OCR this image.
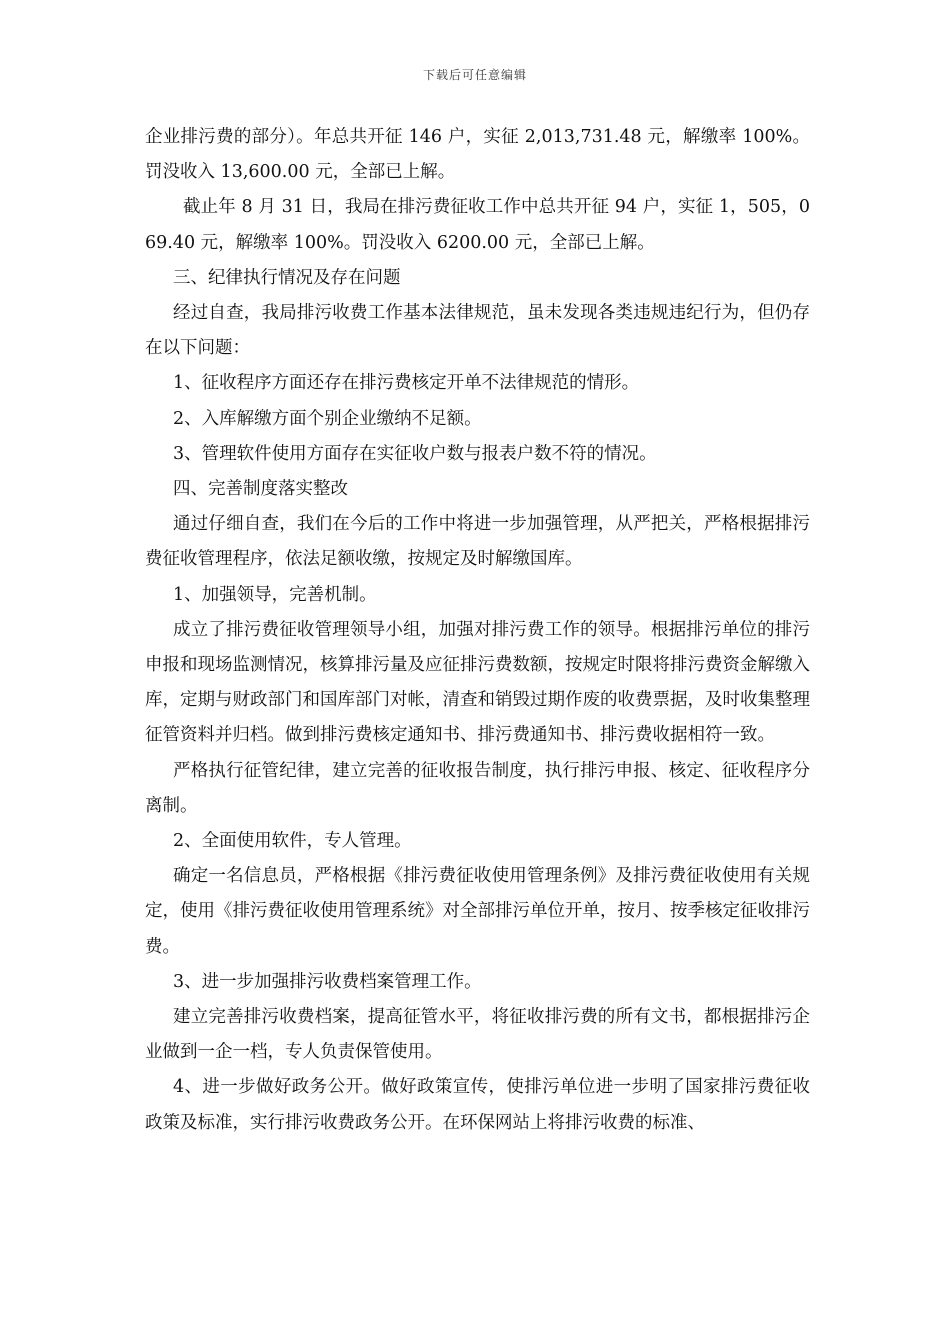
下载后可任意编辑

企业排污费的部分）。年总共开征 146 户，实征 2,013,731.48 元，解缴率 100%。罚没收入 13,600.00 元，全部已上解。

截止年 8 月 31 日，我局在排污费征收工作中总共开征 94 户，实征 1，505，069.40 元，解缴率 100%。罚没收入 6200.00 元，全部已上解。

三、纪律执行情况及存在问题

经过自查，我局排污收费工作基本法律规范，虽未发现各类违规违纪行为，但仍存在以下问题：

1、征收程序方面还存在排污费核定开单不法律规范的情形。

2、入库解缴方面个别企业缴纳不足额。

3、管理软件使用方面存在实征收户数与报表户数不符的情况。

四、完善制度落实整改

通过仔细自查，我们在今后的工作中将进一步加强管理，从严把关，严格根据排污费征收管理程序，依法足额收缴，按规定及时解缴国库。

1、加强领导，完善机制。

成立了排污费征收管理领导小组，加强对排污费工作的领导。根据排污单位的排污申报和现场监测情况，核算排污量及应征排污费数额，按规定时限将排污费资金解缴入库，定期与财政部门和国库部门对帐，清查和销毁过期作废的收费票据，及时收集整理征管资料并归档。做到排污费核定通知书、排污费通知书、排污费收据相符一致。

严格执行征管纪律，建立完善的征收报告制度，执行排污申报、核定、征收程序分离制。

2、全面使用软件，专人管理。

确定一名信息员，严格根据《排污费征收使用管理条例》及排污费征收使用有关规定，使用《排污费征收使用管理系统》对全部排污单位开单，按月、按季核定征收排污费。

3、进一步加强排污收费档案管理工作。

建立完善排污收费档案，提高征管水平，将征收排污费的所有文书，都根据排污企业做到一企一档，专人负责保管使用。

4、进一步做好政务公开。做好政策宣传，使排污单位进一步明了国家排污费征收政策及标准，实行排污收费政务公开。在环保网站上将排污收费的标准、
